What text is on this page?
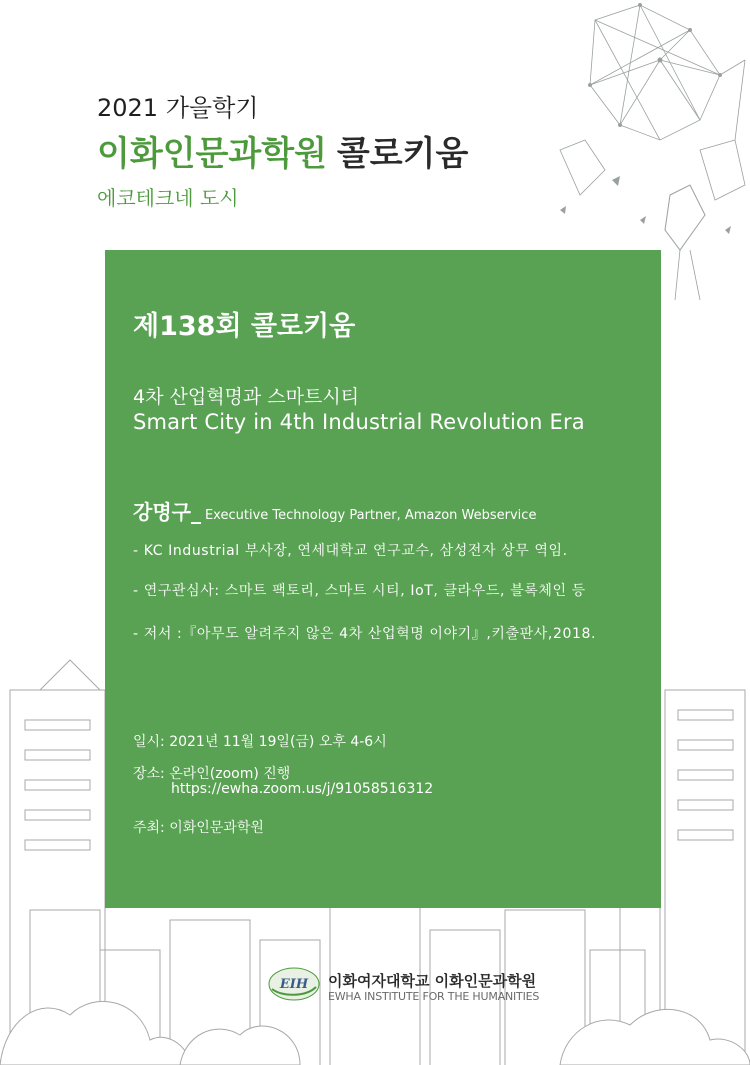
2021 가을학기
이화인문과학원 콜로키움
에코테크네 도시
제138회 콜로키움
4차 산업혁명과 스마트시티
Smart City in 4th Industrial Revolution Era
강명구_ Executive Technology Partner, Amazon Webservice
- KC Industrial 부사장, 연세대학교 연구교수, 삼성전자 상무 역임.
- 연구관심사: 스마트 팩토리, 스마트 시티, IoT, 클라우드, 블록체인 등
- 저서 :『아무도 알려주지 않은 4차 산업혁명 이야기』,키출판사,2018.
일시: 2021년 11월 19일(금) 오후 4-6시
장소: 온라인(zoom) 진행
https://ewha.zoom.us/j/91058516312
주최: 이화인문과학원
EIH 이화여자대학교 이화인문과학원
EWHA INSTITUTE FOR THE HUMANITIES
